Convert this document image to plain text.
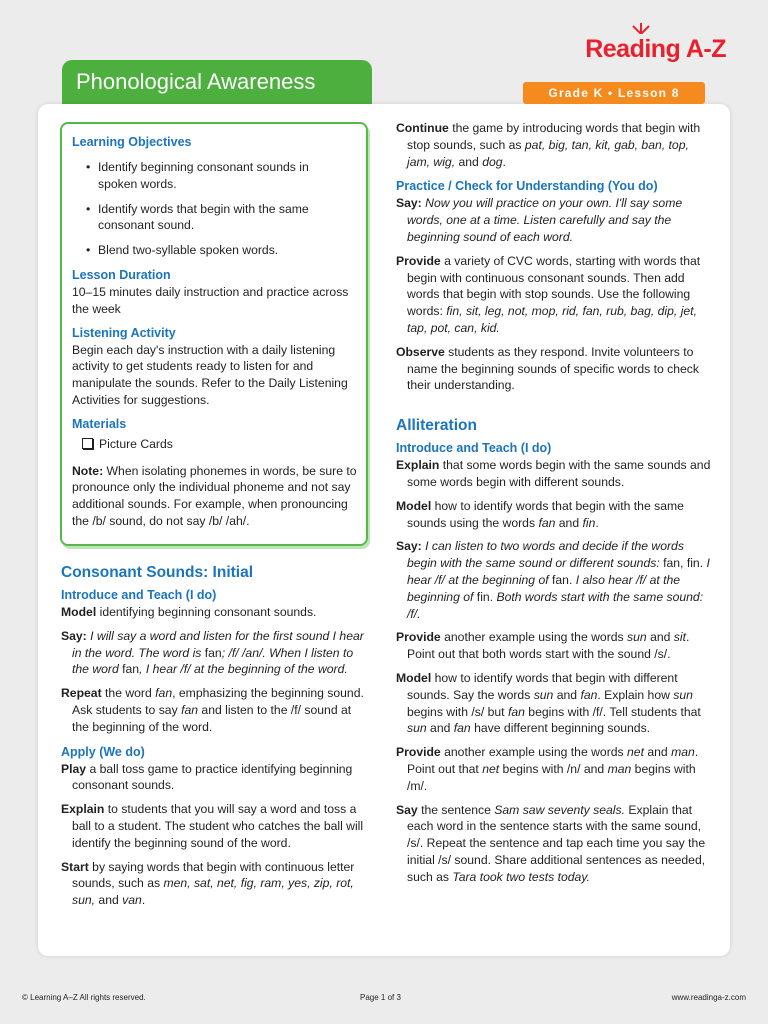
Reading A-Z
Phonological Awareness	Grade K • Lesson 8

Learning Objectives

• Identify beginning consonant sounds in spoken words.
• Identify words that begin with the same consonant sound.
• Blend two-syllable spoken words.

Lesson Duration

10–15 minutes daily instruction and practice across the week

Listening Activity

Begin each day's instruction with a daily listening activity to get students ready to listen for and manipulate the sounds. Refer to the Daily Listening Activities for suggestions.

Materials

Picture Cards

Note: When isolating phonemes in words, be sure to pronounce only the individual phoneme and not say additional sounds. For example, when pronouncing the /b/ sound, do not say /b/ /ah/.

Consonant Sounds: Initial

Introduce and Teach (I do)

Model identifying beginning consonant sounds.

Say: I will say a word and listen for the first sound I hear in the word. The word is fan; /f/ /an/. When I listen to the word fan, I hear /f/ at the beginning of the word.

Repeat the word fan, emphasizing the beginning sound. Ask students to say fan and listen to the /f/ sound at the beginning of the word.

Apply (We do)

Play a ball toss game to practice identifying beginning consonant sounds.

Explain to students that you will say a word and toss a ball to a student. The student who catches the ball will identify the beginning sound of the word.

Start by saying words that begin with continuous letter sounds, such as men, sat, net, fig, ram, yes, zip, rot, sun, and van.

Continue the game by introducing words that begin with stop sounds, such as pat, big, tan, kit, gab, ban, top, jam, wig, and dog.

Practice / Check for Understanding (You do)

Say: Now you will practice on your own. I'll say some words, one at a time. Listen carefully and say the beginning sound of each word.

Provide a variety of CVC words, starting with words that begin with continuous consonant sounds. Then add words that begin with stop sounds. Use the following words: fin, sit, leg, not, mop, rid, fan, rub, bag, dip, jet, tap, pot, can, kid.

Observe students as they respond. Invite volunteers to name the beginning sounds of specific words to check their understanding.

Alliteration

Introduce and Teach (I do)

Explain that some words begin with the same sounds and some words begin with different sounds.

Model how to identify words that begin with the same sounds using the words fan and fin.

Say: I can listen to two words and decide if the words begin with the same sound or different sounds: fan, fin. I hear /f/ at the beginning of fan. I also hear /f/ at the beginning of fin. Both words start with the same sound: /f/.

Provide another example using the words sun and sit. Point out that both words start with the sound /s/.

Model how to identify words that begin with different sounds. Say the words sun and fan. Explain how sun begins with /s/ but fan begins with /f/. Tell students that sun and fan have different beginning sounds.

Provide another example using the words net and man. Point out that net begins with /n/ and man begins with /m/.

Say the sentence Sam saw seventy seals. Explain that each word in the sentence starts with the same sound, /s/. Repeat the sentence and tap each time you say the initial /s/ sound. Share additional sentences as needed, such as Tara took two tests today.

© Learning A–Z All rights reserved.	Page 1 of 3	www.readinga-z.com
